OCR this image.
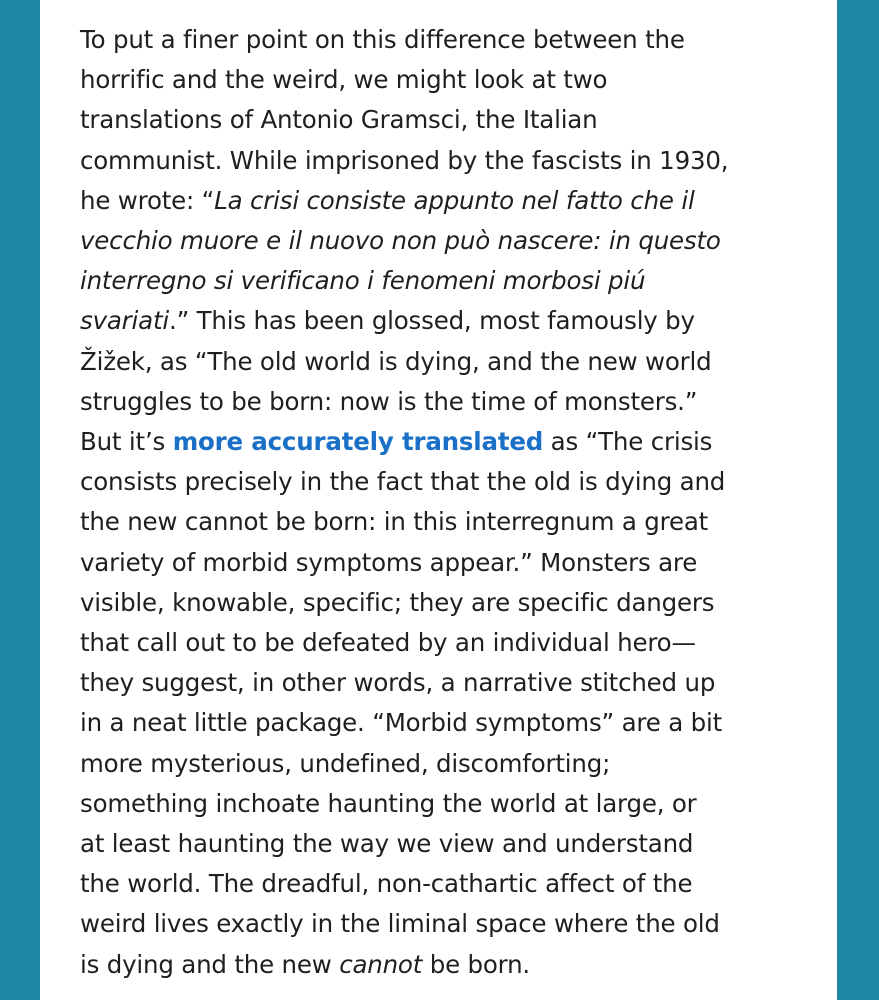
To put a finer point on this difference between the
horrific and the weird, we might look at two
translations of Antonio Gramsci, the Italian
communist. While imprisoned by the fascists in 1930,
he wrote: “La crisi consiste appunto nel fatto che il
vecchio muore e il nuovo non può nascere: in questo
interregno si verificano i fenomeni morbosi piú
svariati.” This has been glossed, most famously by
Žižek, as “The old world is dying, and the new world
struggles to be born: now is the time of monsters.”
But it’s more accurately translated as “The crisis
consists precisely in the fact that the old is dying and
the new cannot be born: in this interregnum a great
variety of morbid symptoms appear.” Monsters are
visible, knowable, specific; they are specific dangers
that call out to be defeated by an individual hero—
they suggest, in other words, a narrative stitched up
in a neat little package. “Morbid symptoms” are a bit
more mysterious, undefined, discomforting;
something inchoate haunting the world at large, or
at least haunting the way we view and understand
the world. The dreadful, non-cathartic affect of the
weird lives exactly in the liminal space where the old
is dying and the new cannot be born.
